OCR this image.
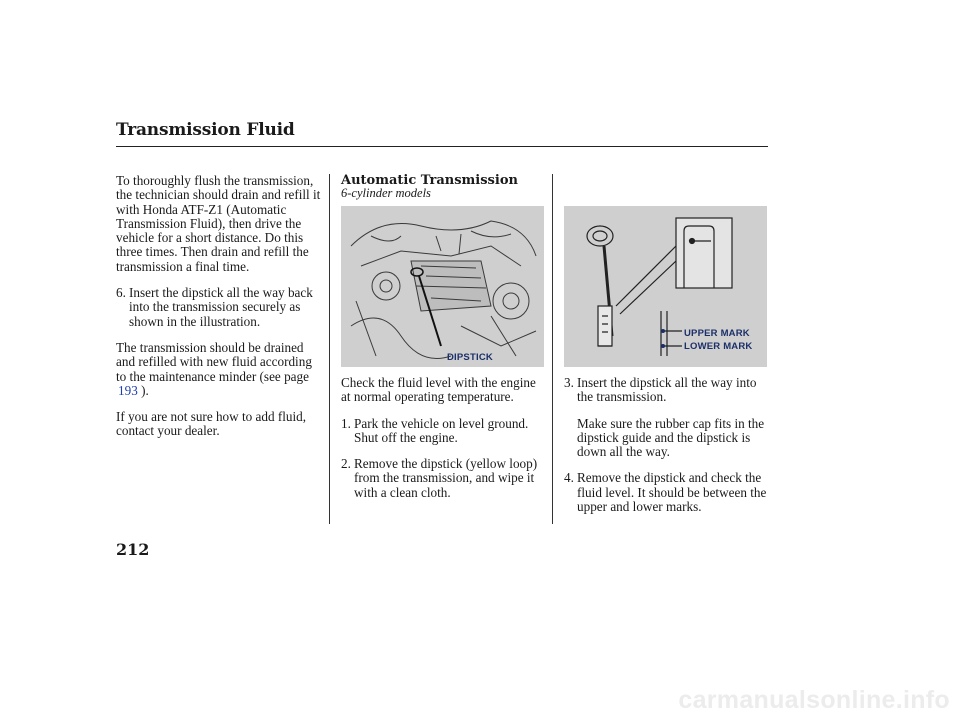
Transmission Fluid

To thoroughly flush the transmission, the technician should drain and refill it with Honda ATF-Z1 (Automatic Transmission Fluid), then drive the vehicle for a short distance. Do this three times. Then drain and refill the transmission a final time.

6. Insert the dipstick all the way back into the transmission securely as shown in the illustration.

The transmission should be drained and refilled with new fluid according to the maintenance minder (see page
193 ).

If you are not sure how to add fluid, contact your dealer.

Automatic Transmission
6-cylinder models
DIPSTICK

Check the fluid level with the engine at normal operating temperature.

1. Park the vehicle on level ground. Shut off the engine.
2. Remove the dipstick (yellow loop) from the transmission, and wipe it with a clean cloth.
UPPER MARK
LOWER MARK
3. Insert the dipstick all the way into the transmission.

Make sure the rubber cap fits in the dipstick guide and the dipstick is down all the way.

4. Remove the dipstick and check the fluid level. It should be between the upper and lower marks.
212
carmanualsonline.info
